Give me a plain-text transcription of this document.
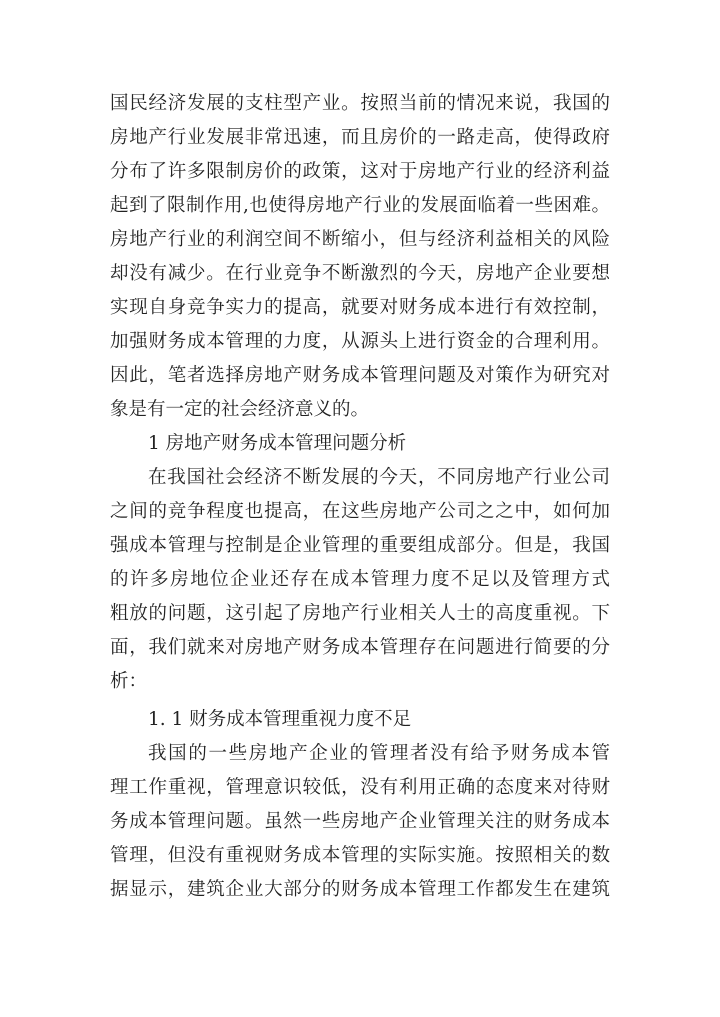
国民经济发展的支柱型产业。按照当前的情况来说，我国的

房地产行业发展非常迅速，而且房价的一路走高，使得政府

分布了许多限制房价的政策，这对于房地产行业的经济利益

起到了限制作用,也使得房地产行业的发展面临着一些困难。

房地产行业的利润空间不断缩小，但与经济利益相关的风险

却没有减少。在行业竞争不断激烈的今天，房地产企业要想

实现自身竞争实力的提高，就要对财务成本进行有效控制，

加强财务成本管理的力度，从源头上进行资金的合理利用。

因此，笔者选择房地产财务成本管理问题及对策作为研究对

象是有一定的社会经济意义的。

1 房地产财务成本管理问题分析

在我国社会经济不断发展的今天，不同房地产行业公司

之间的竞争程度也提高，在这些房地产公司之之中，如何加

强成本管理与控制是企业管理的重要组成部分。但是，我国

的许多房地位企业还存在成本管理力度不足以及管理方式

粗放的问题，这引起了房地产行业相关人士的高度重视。下

面，我们就来对房地产财务成本管理存在问题进行简要的分

析：

1. 1 财务成本管理重视力度不足

我国的一些房地产企业的管理者没有给予财务成本管

理工作重视，管理意识较低，没有利用正确的态度来对待财

务成本管理问题。虽然一些房地产企业管理关注的财务成本

管理，但没有重视财务成本管理的实际实施。按照相关的数

据显示，建筑企业大部分的财务成本管理工作都发生在建筑
